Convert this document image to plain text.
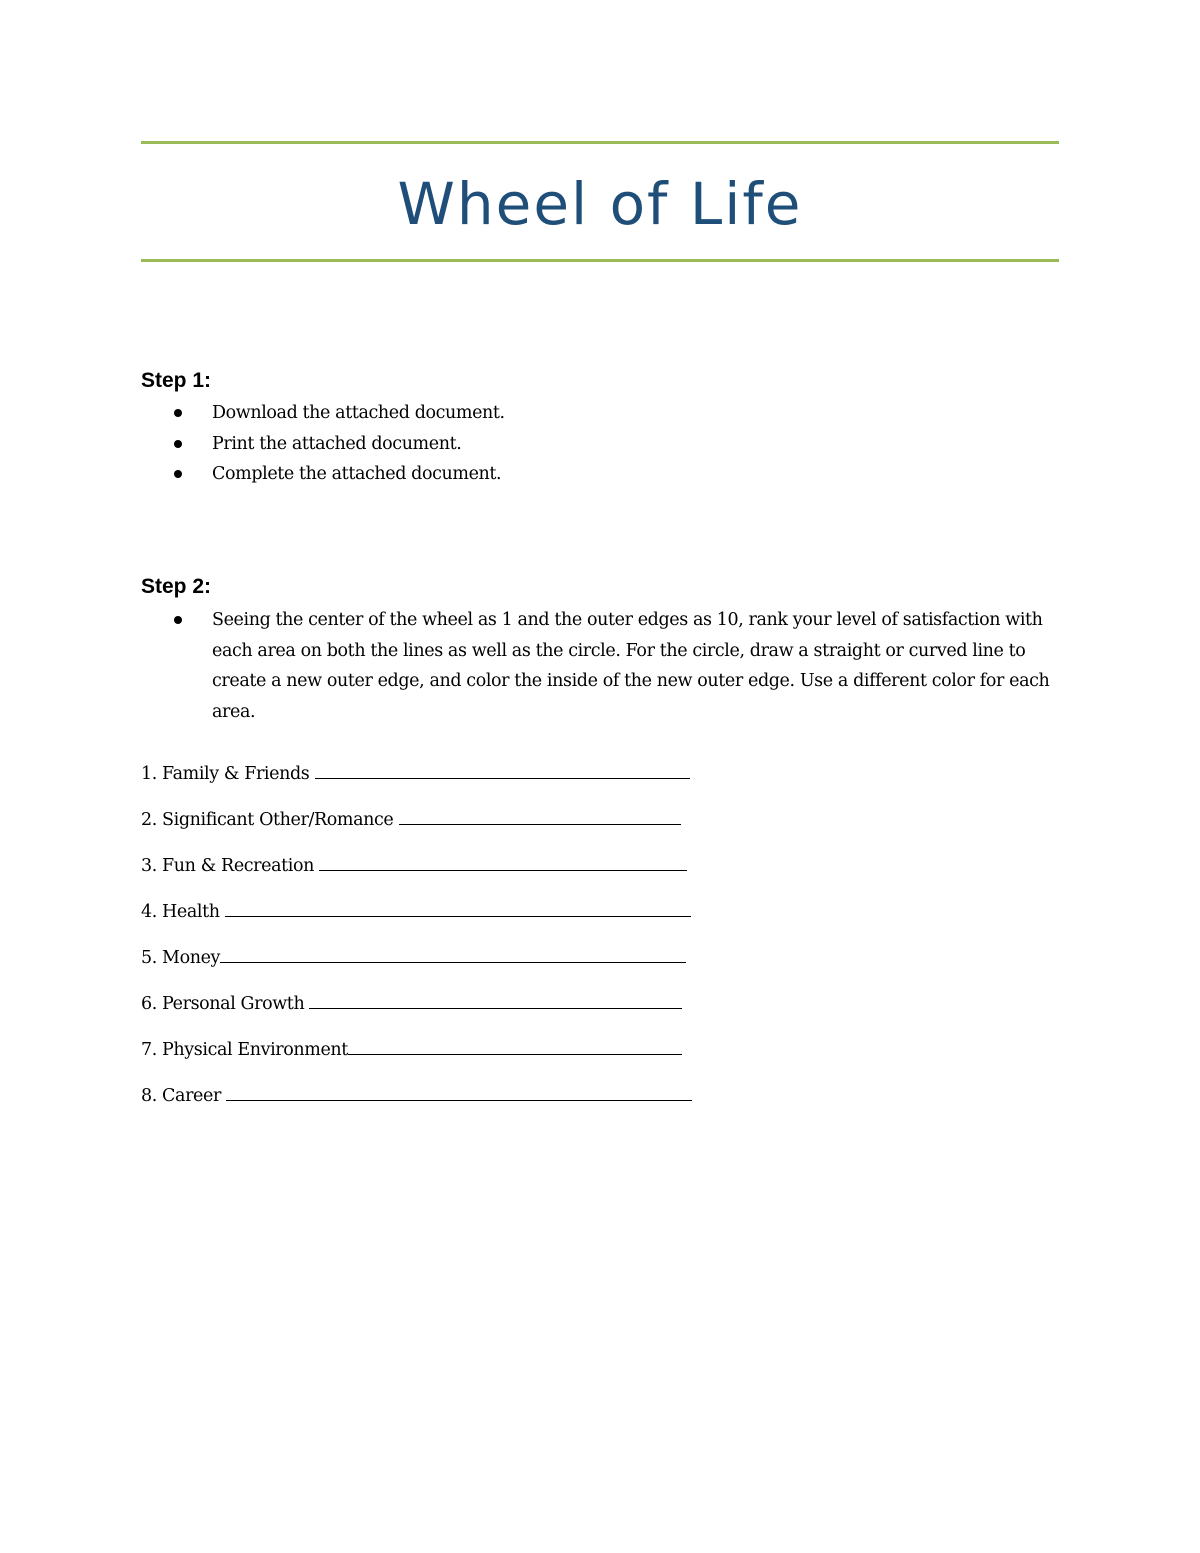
Wheel of Life
Step 1:
Download the attached document.
Print the attached document.
Complete the attached document.
Step 2:
Seeing the center of the wheel as 1 and the outer edges as 10, rank your level of satisfaction with each area on both the lines as well as the circle. For the circle, draw a straight or curved line to create a new outer edge, and color the inside of the new outer edge. Use a different color for each area.
1. Family & Friends
2. Significant Other/Romance
3. Fun & Recreation
4. Health
5. Money
6. Personal Growth
7. Physical Environment
8. Career
